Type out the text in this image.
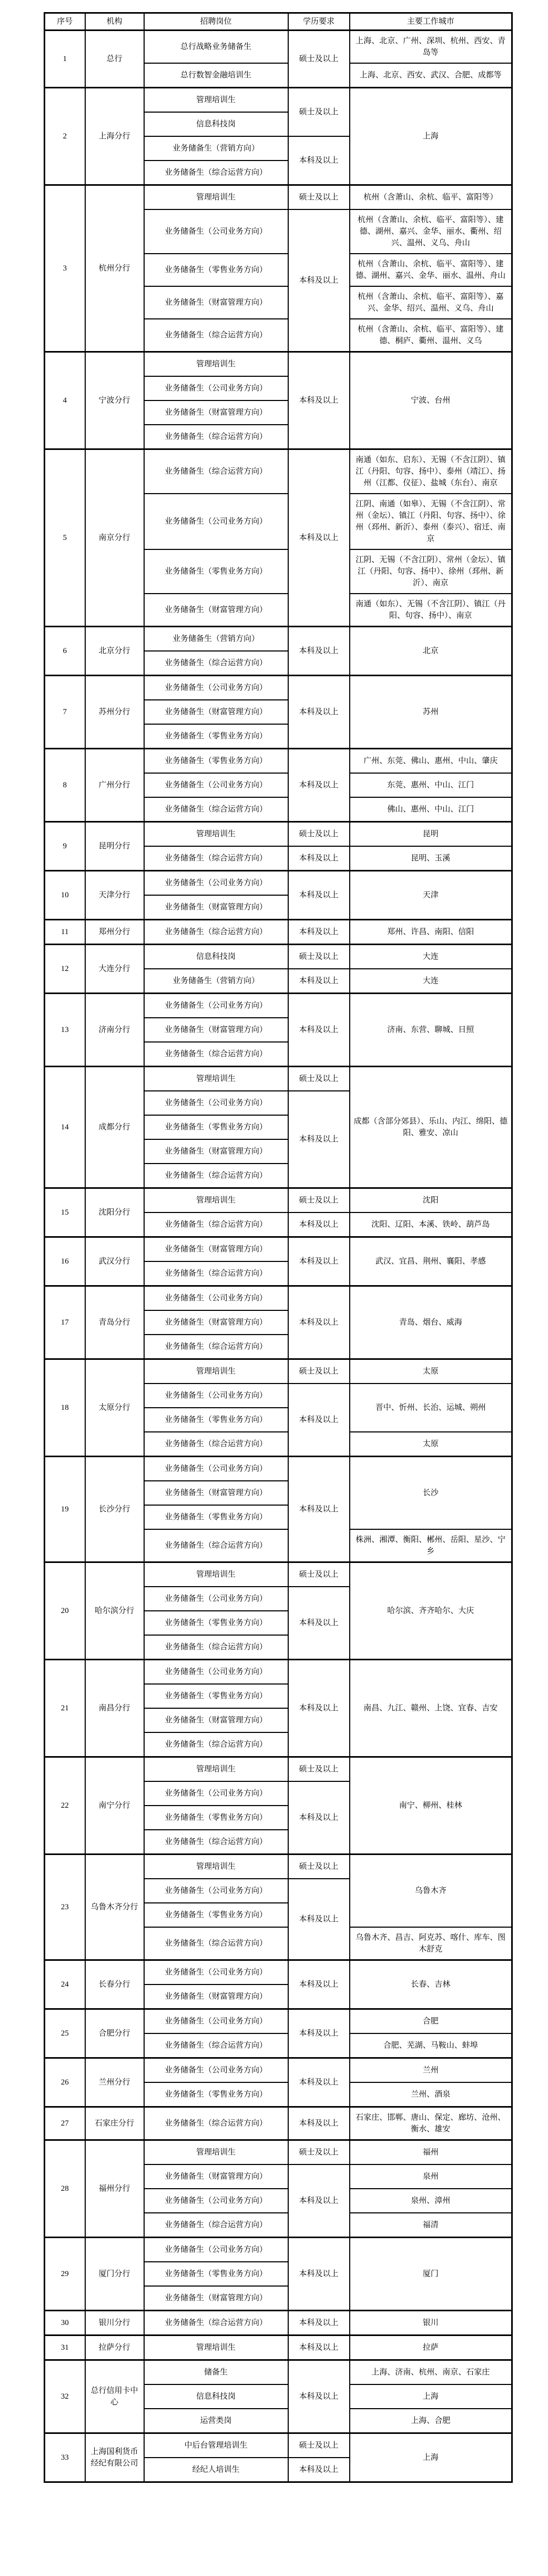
序号	机构	招聘岗位	学历要求	主要工作城市
1	总行	总行战略业务储备生	硕士及以上	上海、北京、广州、深圳、杭州、西安、青岛等
		总行数智金融培训生		上海、北京、西安、武汉、合肥、成都等
2	上海分行	管理培训生	硕士及以上	上海
		信息科技岗		
		业务储备生（营销方向）	本科及以上	
		业务储备生（综合运营方向）		
3	杭州分行	管理培训生	硕士及以上	杭州（含萧山、余杭、临平、富阳等）
		业务储备生（公司业务方向）	本科及以上	杭州（含萧山、余杭、临平、富阳等）、建德、湖州、嘉兴、金华、丽水、衢州、绍兴、温州、义乌、舟山
		业务储备生（零售业务方向）		杭州（含萧山、余杭、临平、富阳等）、建德、湖州、嘉兴、金华、丽水、温州、舟山
		业务储备生（财富管理方向）		杭州（含萧山、余杭、临平、富阳等）、嘉兴、金华、绍兴、温州、义乌、舟山
		业务储备生（综合运营方向）		杭州（含萧山、余杭、临平、富阳等）、建德、桐庐、衢州、温州、义乌
4	宁波分行	管理培训生	本科及以上	宁波、台州
		业务储备生（公司业务方向）		
		业务储备生（财富管理方向）		
		业务储备生（综合运营方向）		
5	南京分行	业务储备生（综合运营方向）	本科及以上	南通（如东、启东）、无锡（不含江阴）、镇江（丹阳、句容、扬中）、泰州（靖江）、扬州（江都、仪征）、盐城（东台）、南京
		业务储备生（公司业务方向）		江阴、南通（如皋）、无锡（不含江阴）、常州（金坛）、镇江（丹阳、句容、扬中）、徐州（邳州、新沂）、泰州（泰兴）、宿迁、南京
		业务储备生（零售业务方向）		江阴、无锡（不含江阴）、常州（金坛）、镇江（丹阳、句容、扬中）、徐州（邳州、新沂）、南京
		业务储备生（财富管理方向）		南通（如东）、无锡（不含江阴）、镇江（丹阳、句容、扬中）、南京
6	北京分行	业务储备生（营销方向）	本科及以上	北京
		业务储备生（综合运营方向）		
7	苏州分行	业务储备生（公司业务方向）	本科及以上	苏州
		业务储备生（财富管理方向）		
		业务储备生（零售业务方向）		
8	广州分行	业务储备生（零售业务方向）	本科及以上	广州、东莞、佛山、惠州、中山、肇庆
		业务储备生（公司业务方向）		东莞、惠州、中山、江门
		业务储备生（综合运营方向）		佛山、惠州、中山、江门
9	昆明分行	管理培训生	硕士及以上	昆明
		业务储备生（综合运营方向）	本科及以上	昆明、玉溪
10	天津分行	业务储备生（公司业务方向）	本科及以上	天津
		业务储备生（财富管理方向）		
11	郑州分行	业务储备生（综合运营方向）	本科及以上	郑州、许昌、南阳、信阳
12	大连分行	信息科技岗	硕士及以上	大连
		业务储备生（营销方向）	本科及以上	大连
13	济南分行	业务储备生（公司业务方向）	本科及以上	济南、东营、聊城、日照
		业务储备生（财富管理方向）		
		业务储备生（综合运营方向）		
14	成都分行	管理培训生	硕士及以上	成都（含部分郊县）、乐山、内江、绵阳、德阳、雅安、凉山
		业务储备生（公司业务方向）	本科及以上	
		业务储备生（零售业务方向）		
		业务储备生（财富管理方向）		
		业务储备生（综合运营方向）		
15	沈阳分行	管理培训生	硕士及以上	沈阳
		业务储备生（综合运营方向）	本科及以上	沈阳、辽阳、本溪、铁岭、葫芦岛
16	武汉分行	业务储备生（财富管理方向）	本科及以上	武汉、宜昌、荆州、襄阳、孝感
		业务储备生（综合运营方向）		
17	青岛分行	业务储备生（公司业务方向）	本科及以上	青岛、烟台、威海
		业务储备生（财富管理方向）		
		业务储备生（综合运营方向）		
18	太原分行	管理培训生	硕士及以上	太原
		业务储备生（公司业务方向）	本科及以上	晋中、忻州、长治、运城、朔州
		业务储备生（零售业务方向）		
		业务储备生（综合运营方向）		太原
19	长沙分行	业务储备生（公司业务方向）	本科及以上	长沙
		业务储备生（财富管理方向）		
		业务储备生（零售业务方向）		
		业务储备生（综合运营方向）		株洲、湘潭、衡阳、郴州、岳阳、星沙、宁乡
20	哈尔滨分行	管理培训生	硕士及以上	哈尔滨、齐齐哈尔、大庆
		业务储备生（公司业务方向）	本科及以上	
		业务储备生（零售业务方向）		
		业务储备生（综合运营方向）		
21	南昌分行	业务储备生（公司业务方向）	本科及以上	南昌、九江、赣州、上饶、宜春、吉安
		业务储备生（零售业务方向）		
		业务储备生（财富管理方向）		
		业务储备生（综合运营方向）		
22	南宁分行	管理培训生	硕士及以上	南宁、柳州、桂林
		业务储备生（公司业务方向）	本科及以上	
		业务储备生（零售业务方向）		
		业务储备生（综合运营方向）		
23	乌鲁木齐分行	管理培训生	硕士及以上	乌鲁木齐
		业务储备生（公司业务方向）	本科及以上	
		业务储备生（零售业务方向）		
		业务储备生（综合运营方向）		乌鲁木齐、昌吉、阿克苏、喀什、库车、图木舒克
24	长春分行	业务储备生（公司业务方向）	本科及以上	长春、吉林
		业务储备生（财富管理方向）		
25	合肥分行	业务储备生（公司业务方向）	本科及以上	合肥
		业务储备生（综合运营方向）		合肥、芜湖、马鞍山、蚌埠
26	兰州分行	业务储备生（公司业务方向）	本科及以上	兰州
		业务储备生（零售业务方向）		兰州、酒泉
27	石家庄分行	业务储备生（综合运营方向）	本科及以上	石家庄、邯郸、唐山、保定、廊坊、沧州、衡水、雄安
28	福州分行	管理培训生	硕士及以上	福州
		业务储备生（财富管理方向）	本科及以上	泉州
		业务储备生（公司业务方向）		泉州、漳州
		业务储备生（综合运营方向）		福清
29	厦门分行	业务储备生（公司业务方向）	本科及以上	厦门
		业务储备生（零售业务方向）		
		业务储备生（财富管理方向）		
30	银川分行	业务储备生（综合运营方向）	本科及以上	银川
31	拉萨分行	管理培训生	本科及以上	拉萨
32	总行信用卡中心	储备生	本科及以上	上海、济南、杭州、南京、石家庄
		信息科技岗		上海
		运营类岗		上海、合肥
33	上海国利货币经纪有限公司	中后台管理培训生	硕士及以上	上海
		经纪人培训生	本科及以上	
